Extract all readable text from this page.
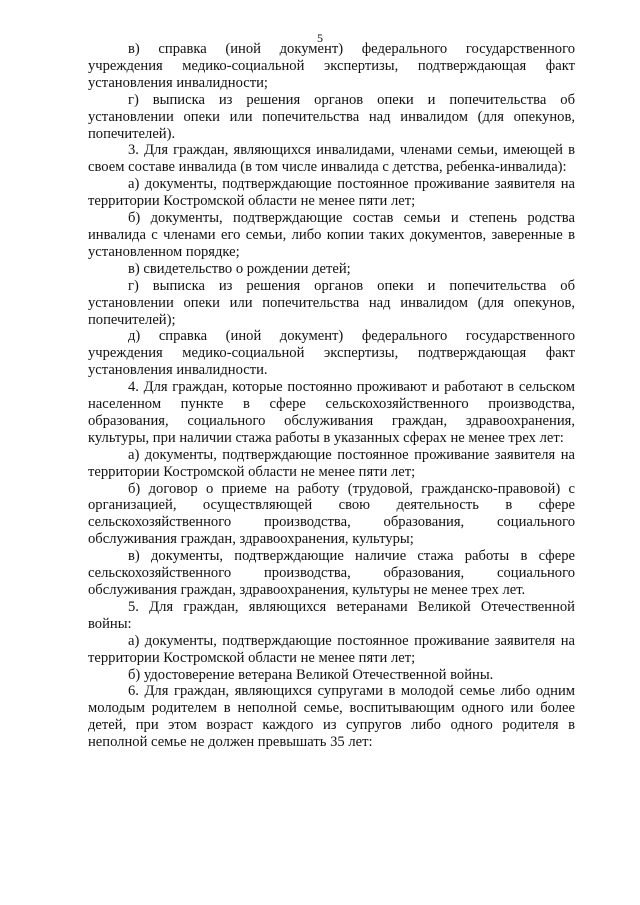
5

в) справка (иной документ) федерального государственного учреждения медико-социальной экспертизы, подтверждающая факт установления инвалидности;

г) выписка из решения органов опеки и попечительства об установлении опеки или попечительства над инвалидом (для опекунов, попечителей).

3. Для граждан, являющихся инвалидами, членами семьи, имеющей в своем составе инвалида (в том числе инвалида с детства, ребенка-инвалида):

а) документы, подтверждающие постоянное проживание заявителя на территории Костромской области не менее пяти лет;

б) документы, подтверждающие состав семьи и степень родства инвалида с членами его семьи, либо копии таких документов, заверенные в установленном порядке;

в) свидетельство о рождении детей;

г) выписка из решения органов опеки и попечительства об установлении опеки или попечительства над инвалидом (для опекунов, попечителей);

д) справка (иной документ) федерального государственного учреждения медико-социальной экспертизы, подтверждающая факт установления инвалидности.

4. Для граждан, которые постоянно проживают и работают в сельском населенном пункте в сфере сельскохозяйственного производства, образования, социального обслуживания граждан, здравоохранения, культуры, при наличии стажа работы в указанных сферах не менее трех лет:

а) документы, подтверждающие постоянное проживание заявителя на территории Костромской области не менее пяти лет;

б) договор о приеме на работу (трудовой, гражданско-правовой) с организацией, осуществляющей свою деятельность в сфере сельскохозяйственного производства, образования, социального обслуживания граждан, здравоохранения, культуры;

в) документы, подтверждающие наличие стажа работы в сфере сельскохозяйственного производства, образования, социального обслуживания граждан, здравоохранения, культуры не менее трех лет.

5. Для граждан, являющихся ветеранами Великой Отечественной войны:

а) документы, подтверждающие постоянное проживание заявителя на территории Костромской области не менее пяти лет;

б) удостоверение ветерана Великой Отечественной войны.

6. Для граждан, являющихся супругами в молодой семье либо одним молодым родителем в неполной семье, воспитывающим одного или более детей, при этом возраст каждого из супругов либо одного родителя в неполной семье не должен превышать 35 лет:
